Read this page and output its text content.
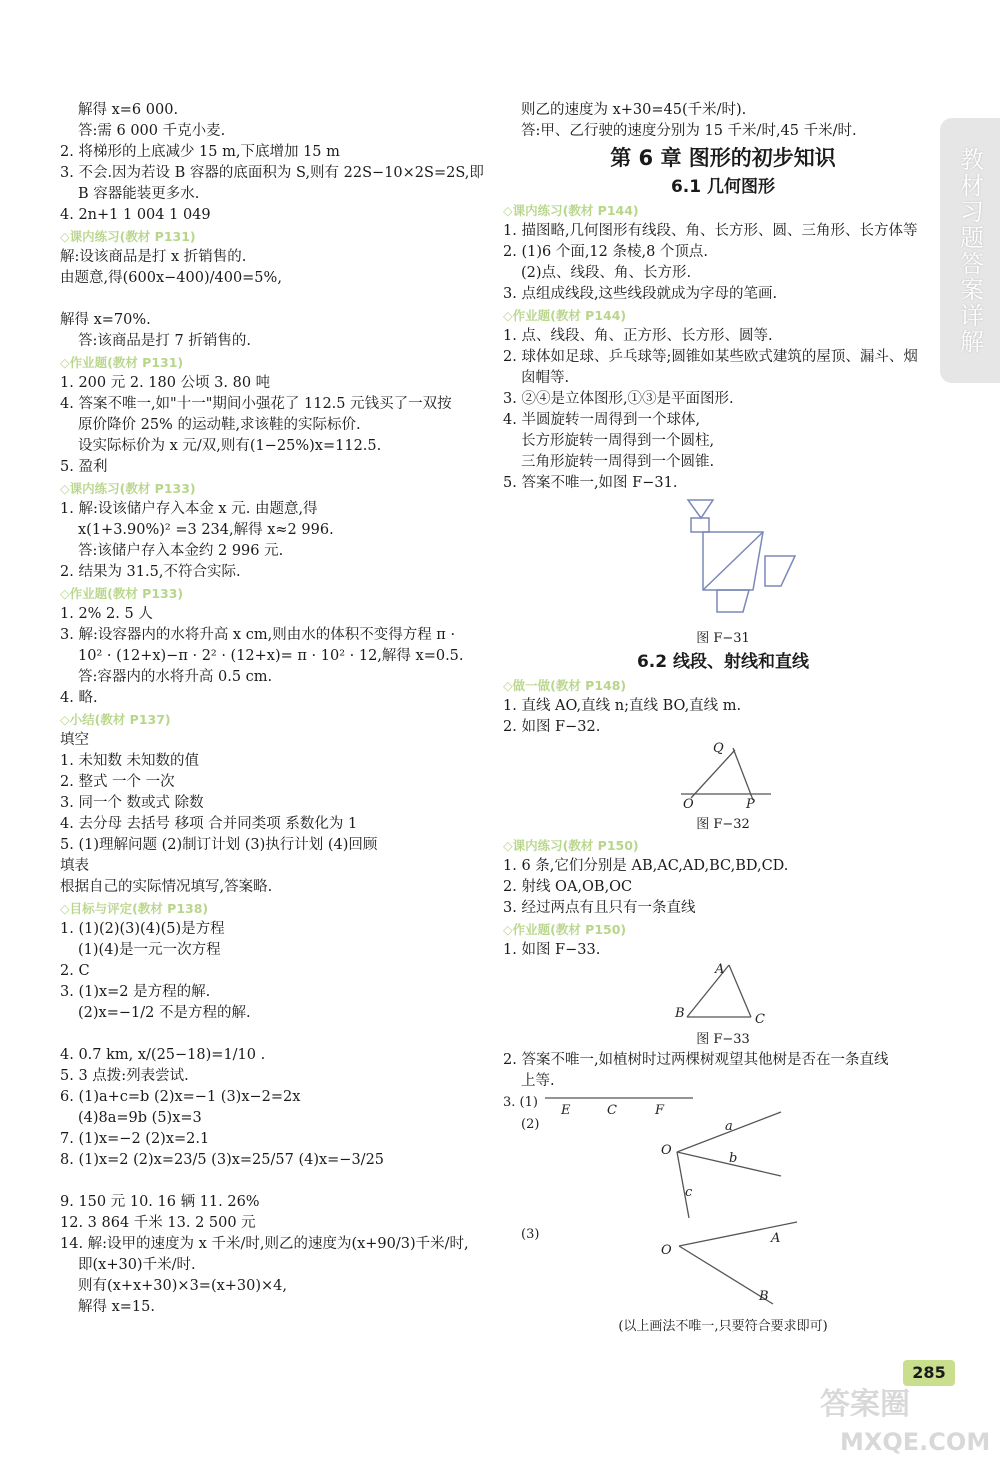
教材习题答案详解
解得 x=6 000.
答:需 6 000 千克小麦.
2. 将梯形的上底减少 15 m,下底增加 15 m
3. 不会.因为若设 B 容器的底面积为 S,则有 22S−10×2S=2S,即
B 容器能装更多水.
4. 2n+1 1 004 1 049
◇课内练习(教材 P131)
解:设该商品是打 x 折销售的.
由题意,得(600x−400)/400=5%,
解得 x=70%.
答:该商品是打 7 折销售的.
◇作业题(教材 P131)
1. 200 元 2. 180 公顷 3. 80 吨
4. 答案不唯一,如"十一"期间小强花了 112.5 元钱买了一双按
原价降价 25% 的运动鞋,求该鞋的实际标价.
设实际标价为 x 元/双,则有(1−25%)x=112.5.
5. 盈利
◇课内练习(教材 P133)
1. 解:设该储户存入本金 x 元. 由题意,得
x(1+3.90%)² =3 234,解得 x≈2 996.
答:该储户存入本金约 2 996 元.
2. 结果为 31.5,不符合实际.
◇作业题(教材 P133)
1. 2% 2. 5 人
3. 解:设容器内的水将升高 x cm,则由水的体积不变得方程 π ·
10² · (12+x)−π · 2² · (12+x)= π · 10² · 12,解得 x=0.5.
答:容器内的水将升高 0.5 cm.
4. 略.
◇小结(教材 P137)
填空
1. 未知数 未知数的值
2. 整式 一个 一次
3. 同一个 数或式 除数
4. 去分母 去括号 移项 合并同类项 系数化为 1
5. (1)理解问题 (2)制订计划 (3)执行计划 (4)回顾
填表
根据自己的实际情况填写,答案略.
◇目标与评定(教材 P138)
1. (1)(2)(3)(4)(5)是方程
(1)(4)是一元一次方程
2. C
3. (1)x=2 是方程的解.
(2)x=−1/2 不是方程的解.
4. 0.7 km, x/(25−18)=1/10 .
5. 3 点拨:列表尝试.
6. (1)a+c=b (2)x=−1 (3)x−2=2x
(4)8a=9b (5)x=3
7. (1)x=−2 (2)x=2.1
8. (1)x=2 (2)x=23/5 (3)x=25/57 (4)x=−3/25
9. 150 元 10. 16 辆 11. 26%
12. 3 864 千米 13. 2 500 元
14. 解:设甲的速度为 x 千米/时,则乙的速度为(x+90/3)千米/时,
即(x+30)千米/时.
则有(x+x+30)×3=(x+30)×4,
解得 x=15.
则乙的速度为 x+30=45(千米/时).
答:甲、乙行驶的速度分别为 15 千米/时,45 千米/时.
第 6 章 图形的初步知识
6.1 几何图形
◇课内练习(教材 P144)
1. 描图略,几何图形有线段、角、长方形、圆、三角形、长方体等
2. (1)6 个面,12 条棱,8 个顶点.
(2)点、线段、角、长方形.
3. 点组成线段,这些线段就成为字母的笔画.
◇作业题(教材 P144)
1. 点、线段、角、正方形、长方形、圆等.
2. 球体如足球、乒乓球等;圆锥如某些欧式建筑的屋顶、漏斗、烟
囱帽等.
3. ②④是立体图形,①③是平面图形.
4. 半圆旋转一周得到一个球体,
长方形旋转一周得到一个圆柱,
三角形旋转一周得到一个圆锥.
5. 答案不唯一,如图 F−31.
图 F−31
6.2 线段、射线和直线
◇做一做(教材 P148)
1. 直线 AO,直线 n;直线 BO,直线 m.
2. 如图 F−32.
Q
O	P
图 F−32
◇课内练习(教材 P150)
1. 6 条,它们分别是 AB,AC,AD,BC,BD,CD.
2. 射线 OA,OB,OC
3. 经过两点有且只有一条直线
◇作业题(教材 P150)
1. 如图 F−33.
A
B	C
图 F−33
2. 答案不唯一,如植树时过两棵树观望其他树是否在一条直线
上等.
3. (1)
E	C	F
(2)
O
a
b
c
(3)
O
A
B
(以上画法不唯一,只要符合要求即可)
285
答案圈
MXQE.COM
